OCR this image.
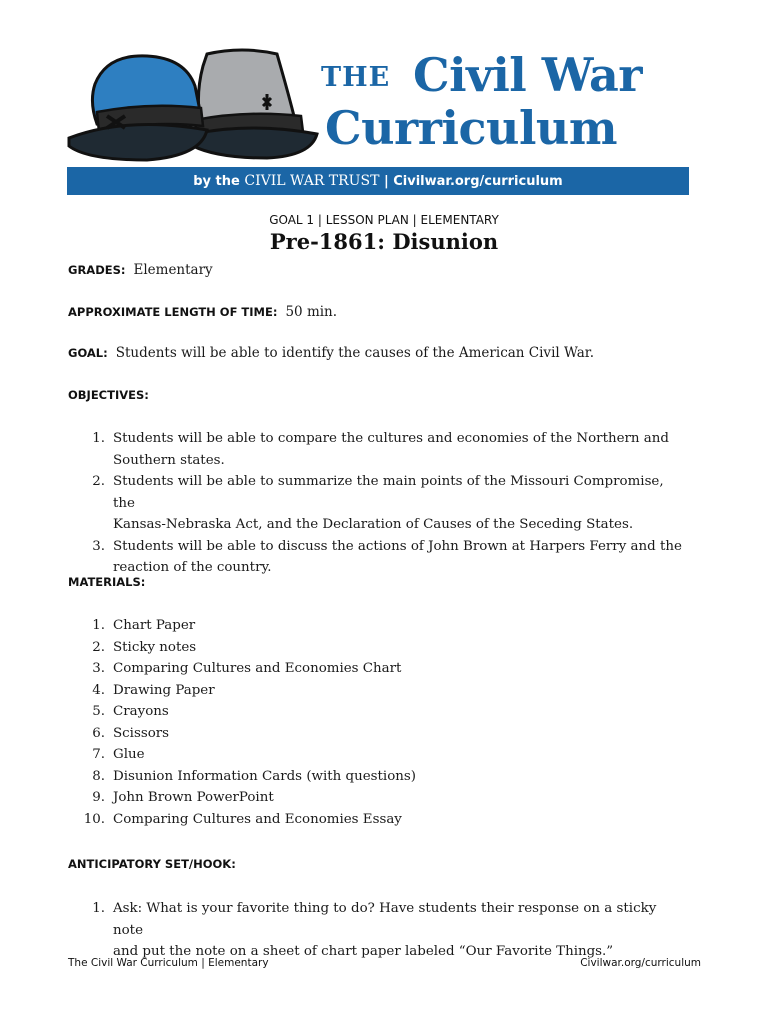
THE Civil War
Curriculum
by the CIVIL WAR TRUST | Civilwar.org/curriculum
GOAL 1 | LESSON PLAN | ELEMENTARY
Pre-1861: Disunion
GRADES: Elementary
APPROXIMATE LENGTH OF TIME: 50 min.
GOAL: Students will be able to identify the causes of the American Civil War.
OBJECTIVES:
1. Students will be able to compare the cultures and economies of the Northern and
Southern states.
2. Students will be able to summarize the main points of the Missouri Compromise, the
Kansas-Nebraska Act, and the Declaration of Causes of the Seceding States.
3. Students will be able to discuss the actions of John Brown at Harpers Ferry and the
reaction of the country.
MATERIALS:
1. Chart Paper
2. Sticky notes
3. Comparing Cultures and Economies Chart
4. Drawing Paper
5. Crayons
6. Scissors
7. Glue
8. Disunion Information Cards (with questions)
9. John Brown PowerPoint
10. Comparing Cultures and Economies Essay
ANTICIPATORY SET/HOOK:
1. Ask: What is your favorite thing to do? Have students their response on a sticky note
and put the note on a sheet of chart paper labeled “Our Favorite Things.”
The Civil War Curriculum | Elementary	Civilwar.org/curriculum
